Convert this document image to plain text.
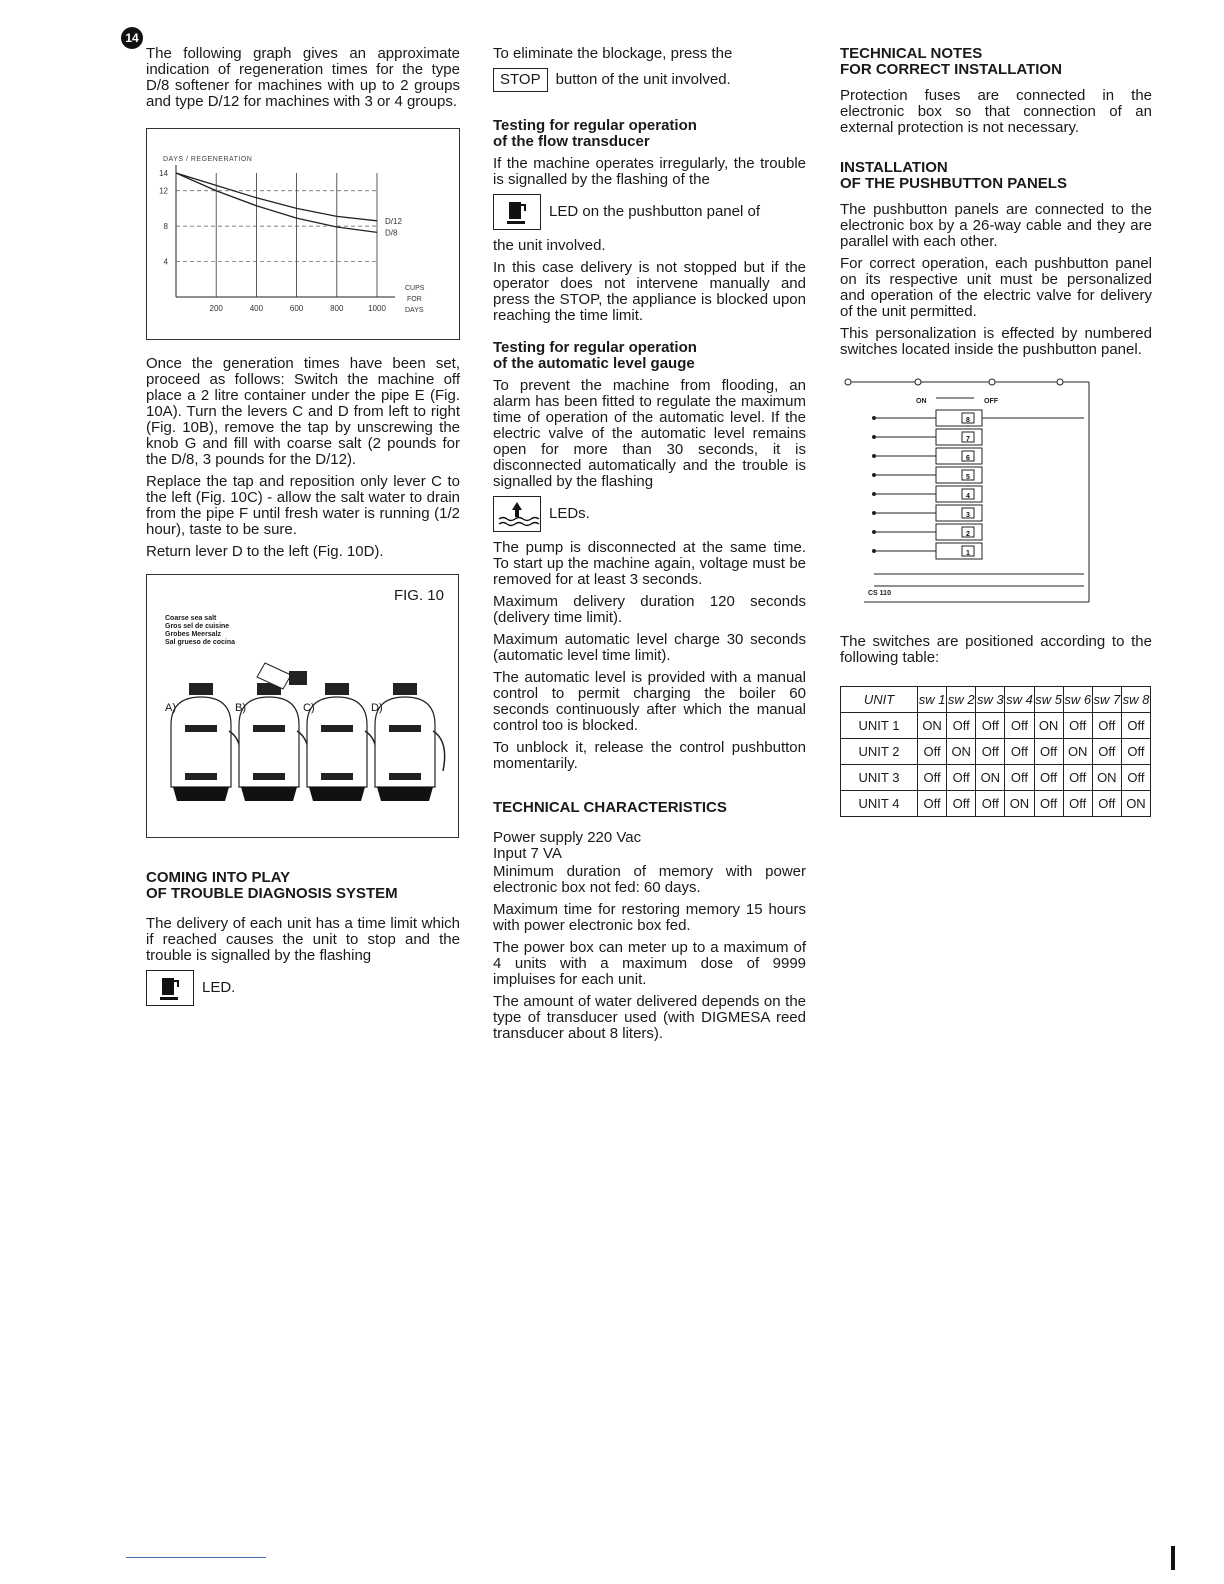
14

The following graph gives an approximate indication of regeneration times for the type D/8 softener for machines with up to 2 groups and type D/12 for machines with 3 or 4 groups.

DAYS / REGENERATION
200	400	600	800	1000
4
8
12
14
D/12
D/8
CUPS
FOR
DAYS

Once the generation times have been set, proceed as follows: Switch the machine off place a 2 litre container under the pipe E (Fig. 10A). Turn the levers C and D from left to right (Fig. 10B), remove the tap by unscrewing the knob G and fill with coarse salt (2 pounds for the D/8, 3 pounds for the D/12).

Replace the tap and reposition only lever C to the left (Fig. 10C) - allow the salt water to drain from the pipe F until fresh water is running (1/2 hour), taste to be sure.

Return lever D to the left (Fig. 10D).

FIG. 10
Coarse sea salt
Gros sel de cuisine
Grobes Meersalz
Sal grueso de cocina
A)	B)	C)	D)
COMING INTO PLAY
OF TROUBLE DIAGNOSIS SYSTEM

The delivery of each unit has a time limit which if reached causes the unit to stop and the trouble is signalled by the flashing

LED.

To eliminate the blockage, press the

STOP	button of the unit involved.
Testing for regular operation
of the flow transducer

If the machine operates irregularly, the trouble is signalled by the flashing of the

LED on the pushbutton panel of

the unit involved.

In this case delivery is not stopped but if the operator does not intervene manually and press the STOP, the appliance is blocked upon reaching the time limit.

Testing for regular operation
of the automatic level gauge

To prevent the machine from flooding, an alarm has been fitted to regulate the maximum time of operation of the automatic level. If the electric valve of the automatic level remains open for more than 30 seconds, it is disconnected automatically and the trouble is signalled by the flashing

LEDs.

The pump is disconnected at the same time. To start up the machine again, voltage must be removed for at least 3 seconds.

Maximum delivery duration 120 seconds (delivery time limit).

Maximum automatic level charge 30 seconds (automatic level time limit).

The automatic level is provided with a manual control to permit charging the boiler 60 seconds continuously after which the manual control too is blocked.

To unblock it, release the control pushbutton momentarily.

TECHNICAL CHARACTERISTICS

Power supply 220 Vac

Input 7 VA

Minimum duration of memory with power electronic box not fed: 60 days.

Maximum time for restoring memory 15 hours with power electronic box fed.

The power box can meter up to a maximum of 4 units with a maximum dose of 9999 impluises for each unit.

The amount of water delivered depends on the type of transducer used (with DIGMESA reed transducer about 8 liters).

TECHNICAL NOTES
FOR CORRECT INSTALLATION

Protection fuses are connected in the electronic box so that connection of an external protection is not necessary.

INSTALLATION
OF THE PUSHBUTTON PANELS

The pushbutton panels are connected to the electronic box by a 26-way cable and they are parallel with each other.

For correct operation, each pushbutton panel on its respective unit must be personalized and operation of the electric valve for delivery of the unit permitted.

This personalization is effected by numbered switches located inside the pushbutton panel.

8
7
6
5
4
3
2
1
ON	OFF
CS 110

The switches are positioned according to the following table:

UNIT	sw 1	sw 2	sw 3	sw 4	sw 5	sw 6	sw 7	sw 8
UNIT 1	ON	Off	Off	Off	ON	Off	Off	Off
UNIT 2	Off	ON	Off	Off	Off	ON	Off	Off
UNIT 3	Off	Off	ON	Off	Off	Off	ON	Off
UNIT 4	Off	Off	Off	ON	Off	Off	Off	ON
